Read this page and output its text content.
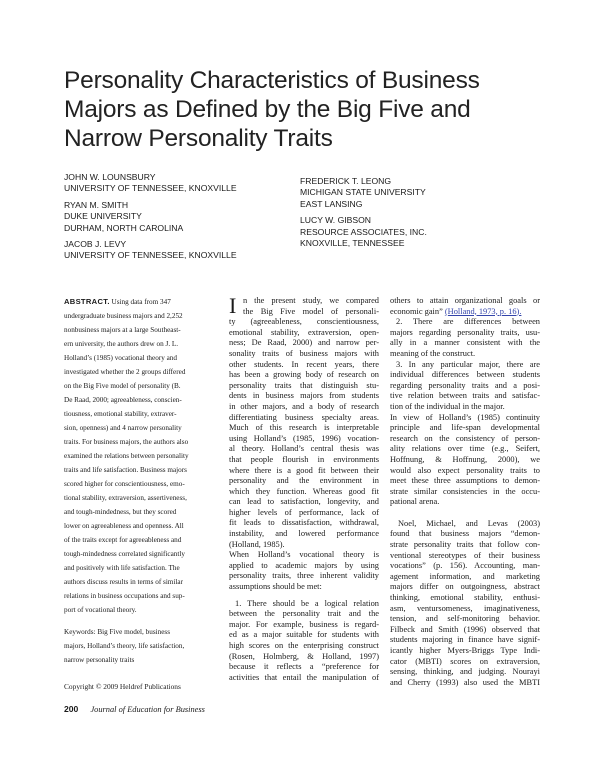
Personality Characteristics of Business
Majors as Defined by the Big Five and
Narrow Personality Traits
JOHN W. LOUNSBURY
UNIVERSITY OF TENNESSEE, KNOXVILLE
RYAN M. SMITH
DUKE UNIVERSITY
DURHAM, NORTH CAROLINA
JACOB J. LEVY
UNIVERSITY OF TENNESSEE, KNOXVILLE
FREDERICK T. LEONG
MICHIGAN STATE UNIVERSITY
EAST LANSING
LUCY W. GIBSON
RESOURCE ASSOCIATES, INC.
KNOXVILLE, TENNESSEE
ABSTRACT. Using data from 347
undergraduate business majors and 2,252
nonbusiness majors at a large Southeast-
ern university, the authors drew on J. L.
Holland’s (1985) vocational theory and
investigated whether the 2 groups differed
on the Big Five model of personality (B.
De Raad, 2000; agreeableness, conscien-
tiousness, emotional stability, extraver-
sion, openness) and 4 narrow personality
traits. For business majors, the authors also
examined the relations between personality
traits and life satisfaction. Business majors
scored higher for conscientiousness, emo-
tional stability, extraversion, assertiveness,
and tough-mindedness, but they scored
lower on agreeableness and openness. All
of the traits except for agreeableness and
tough-mindedness correlated significantly
and positively with life satisfaction. The
authors discuss results in terms of similar
relations in business occupations and sup-
port of vocational theory.
Keywords: Big Five model, business
majors, Holland’s theory, life satisfaction,
narrow personality traits
Copyright © 2009 Heldref Publications
I n the present study, we compared
the Big Five model of personali-
ty (agreeableness, conscientiousness,
emotional stability, extraversion, open-
ness; De Raad, 2000) and narrow per-
sonality traits of business majors with
other students. In recent years, there
has been a growing body of research on
personality traits that distinguish stu-
dents in business majors from students
in other majors, and a body of research
differentiating business specialty areas.
Much of this research is interpretable
using Holland’s (1985, 1996) vocation-
al theory. Holland’s central thesis was
that people flourish in environments
where there is a good fit between their
personality and the environment in
which they function. Whereas good fit
can lead to satisfaction, longevity, and
higher levels of performance, lack of
fit leads to dissatisfaction, withdrawal,
instability, and lowered performance
(Holland, 1985).
When Holland’s vocational theory is
applied to academic majors by using
personality traits, three inherent validity
assumptions should be met:
1. There should be a logical relation
between the personality trait and the
major. For example, business is regard-
ed as a major suitable for students with
high scores on the enterprising construct
(Rosen, Holmberg, & Holland, 1997)
because it reflects a “preference for
activities that entail the manipulation of
others to attain organizational goals or
economic gain” (Holland, 1973, p. 16).
2. There are differences between
majors regarding personality traits, usu-
ally in a manner consistent with the
meaning of the construct.
3. In any particular major, there are
individual differences between students
regarding personality traits and a posi-
tive relation between traits and satisfac-
tion of the individual in the major.
In view of Holland’s (1985) continuity
principle and life-span developmental
research on the consistency of person-
ality relations over time (e.g., Seifert,
Hoffnung, & Hoffnung, 2000), we
would also expect personality traits to
meet these three assumptions to demon-
strate similar consistencies in the occu-
pational arena.
Noel, Michael, and Levas (2003)
found that business majors “demon-
strate personality traits that follow con-
ventional stereotypes of their business
vocations” (p. 156). Accounting, man-
agement information, and marketing
majors differ on outgoingness, abstract
thinking, emotional stability, enthusi-
asm, ventursomeness, imaginativeness,
tension, and self-monitoring behavior.
Filbeck and Smith (1996) observed that
students majoring in finance have signif-
icantly higher Myers-Briggs Type Indi-
cator (MBTI) scores on extraversion,
sensing, thinking, and judging. Nourayi
and Cherry (1993) also used the MBTI
200 Journal of Education for Business
